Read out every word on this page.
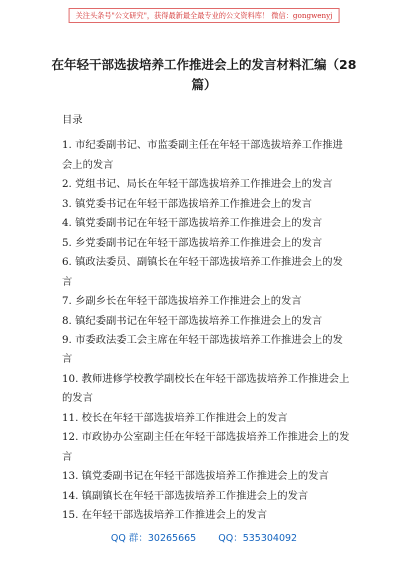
关注头条号"公文研究"，获得最新最全最专业的公文资料库！ 微信：gongwenyj
在年轻干部选拔培养工作推进会上的发言材料汇编（28篇）

目录

1. 市纪委副书记、市监委副主任在年轻干部选拔培养工作推进会上的发言

2. 党组书记、局长在年轻干部选拔培养工作推进会上的发言

3. 镇党委书记在年轻干部选拔培养工作推进会上的发言

4. 镇党委副书记在年轻干部选拔培养工作推进会上的发言

5. 乡党委副书记在年轻干部选拔培养工作推进会上的发言

6. 镇政法委员、副镇长在年轻干部选拔培养工作推进会上的发言

7. 乡副乡长在年轻干部选拔培养工作推进会上的发言

8. 镇纪委副书记在年轻干部选拔培养工作推进会上的发言

9. 市委政法委工会主席在年轻干部选拔培养工作推进会上的发言

10. 教师进修学校教学副校长在年轻干部选拔培养工作推进会上的发言

11. 校长在年轻干部选拔培养工作推进会上的发言

12. 市政协办公室副主任在年轻干部选拔培养工作推进会上的发言

13. 镇党委副书记在年轻干部选拔培养工作推进会上的发言

14. 镇副镇长在年轻干部选拔培养工作推进会上的发言

15. 在年轻干部选拔培养工作推进会上的发言

QQ 群：30265665 QQ：535304092
